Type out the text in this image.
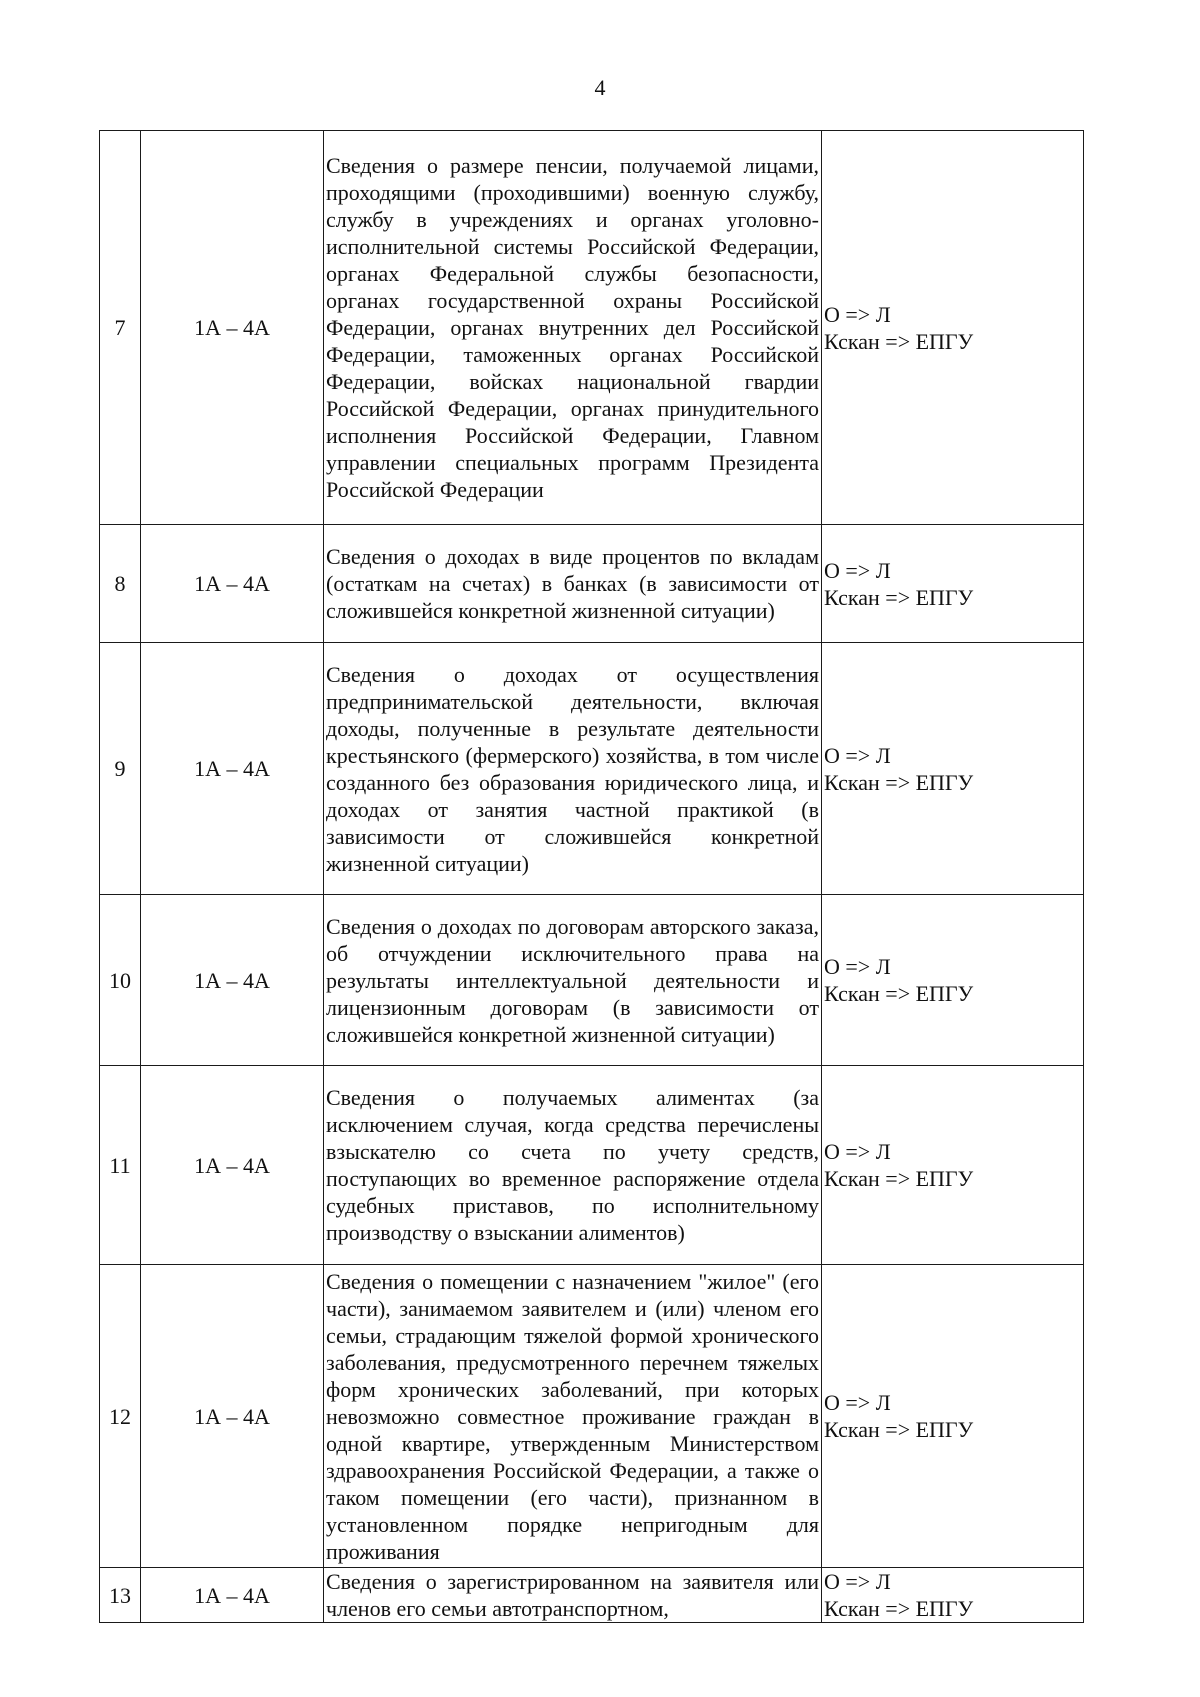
4
7	1А – 4А	Сведения о размере пенсии, получаемой лицами, проходящими (проходившими) военную службу, службу в учреждениях и органах уголовно-исполнительной системы Российской Федерации, органах Федеральной службы безопасности, органах государственной охраны Российской Федерации, органах внутренних дел Российской Федерации, таможенных органах Российской Федерации, войсках национальной гвардии Российской Федерации, органах принудительного исполнения Российской Федерации, Главном управлении специальных программ Президента Российской Федерации	О => Л
Кскан => ЕПГУ

8	1А – 4А	Сведения о доходах в виде процентов по вкладам (остаткам на счетах) в банках (в зависимости от сложившейся конкретной жизненной ситуации)	О => Л
Кскан => ЕПГУ

9	1А – 4А	Сведения о доходах от осуществления предпринимательской деятельности, включая доходы, полученные в результате деятельности крестьянского (фермерского) хозяйства, в том числе созданного без образования юридического лица, и доходах от занятия частной практикой (в зависимости от сложившейся конкретной жизненной ситуации)	О => Л
Кскан => ЕПГУ

10	1А – 4А	Сведения о доходах по договорам авторского заказа, об отчуждении исключительного права на результаты интеллектуальной деятельности и лицензионным договорам (в зависимости от сложившейся конкретной жизненной ситуации)	О => Л
Кскан => ЕПГУ

11	1А – 4А	Сведения о получаемых алиментах (за исключением случая, когда средства перечислены взыскателю со счета по учету средств, поступающих во временное распоряжение отдела судебных приставов, по исполнительному производству о взыскании алиментов)	О => Л
Кскан => ЕПГУ

12	1А – 4А	Сведения о помещении с назначением "жилое" (его части), занимаемом заявителем и (или) членом его семьи, страдающим тяжелой формой хронического заболевания, предусмотренного перечнем тяжелых форм хронических заболеваний, при которых невозможно совместное проживание граждан в одной квартире, утвержденным Министерством здравоохранения Российской Федерации, а также о таком помещении (его части), признанном в установленном порядке непригодным для проживания	О => Л
Кскан => ЕПГУ

13	1А – 4А	Сведения о зарегистрированном на заявителя или членов его семьи автотранспортном,	О => Л
Кскан => ЕПГУ
